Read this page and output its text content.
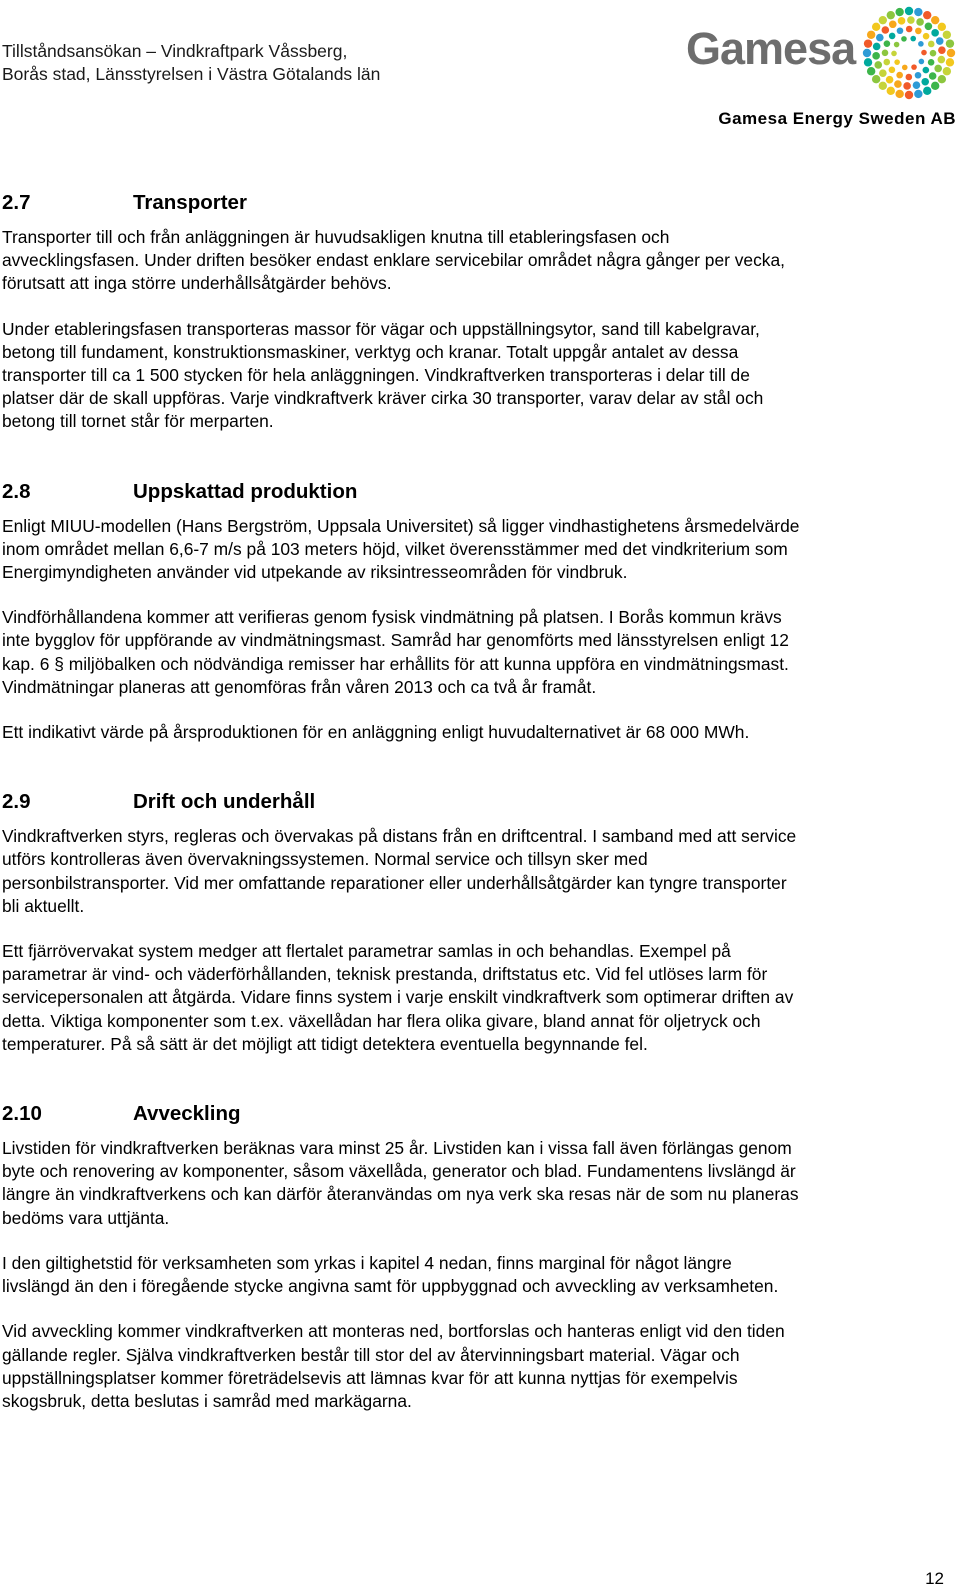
Tillståndsansökan – Vindkraftpark Våssberg,
Borås stad, Länsstyrelsen i Västra Götalands län	Gamesa
Gamesa Energy Sweden AB
2.7	Transporter

Transporter till och från anläggningen är huvudsakligen knutna till etableringsfasen och
avvecklingsfasen. Under driften besöker endast enklare servicebilar området några gånger per vecka,
förutsatt att inga större underhållsåtgärder behövs.

Under etableringsfasen transporteras massor för vägar och uppställningsytor, sand till kabelgravar,
betong till fundament, konstruktionsmaskiner, verktyg och kranar. Totalt uppgår antalet av dessa
transporter till ca 1 500 stycken för hela anläggningen. Vindkraftverken transporteras i delar till de
platser där de skall uppföras. Varje vindkraftverk kräver cirka 30 transporter, varav delar av stål och
betong till tornet står för merparten.

2.8	Uppskattad produktion

Enligt MIUU-modellen (Hans Bergström, Uppsala Universitet) så ligger vindhastighetens årsmedelvärde
inom området mellan 6,6-7 m/s på 103 meters höjd, vilket överensstämmer med det vindkriterium som
Energimyndigheten använder vid utpekande av riksintresseområden för vindbruk.

Vindförhållandena kommer att verifieras genom fysisk vindmätning på platsen. I Borås kommun krävs
inte bygglov för uppförande av vindmätningsmast. Samråd har genomförts med länsstyrelsen enligt 12
kap. 6 § miljöbalken och nödvändiga remisser har erhållits för att kunna uppföra en vindmätningsmast.
Vindmätningar planeras att genomföras från våren 2013 och ca två år framåt.

Ett indikativt värde på årsproduktionen för en anläggning enligt huvudalternativet är 68 000 MWh.

2.9	Drift och underhåll

Vindkraftverken styrs, regleras och övervakas på distans från en driftcentral. I samband med att service
utförs kontrolleras även övervakningssystemen. Normal service och tillsyn sker med
personbilstransporter. Vid mer omfattande reparationer eller underhållsåtgärder kan tyngre transporter
bli aktuellt.

Ett fjärrövervakat system medger att flertalet parametrar samlas in och behandlas. Exempel på
parametrar är vind- och väderförhållanden, teknisk prestanda, driftstatus etc. Vid fel utlöses larm för
servicepersonalen att åtgärda. Vidare finns system i varje enskilt vindkraftverk som optimerar driften av
detta. Viktiga komponenter som t.ex. växellådan har flera olika givare, bland annat för oljetryck och
temperaturer. På så sätt är det möjligt att tidigt detektera eventuella begynnande fel.

2.10	Avveckling

Livstiden för vindkraftverken beräknas vara minst 25 år. Livstiden kan i vissa fall även förlängas genom
byte och renovering av komponenter, såsom växellåda, generator och blad. Fundamentens livslängd är
längre än vindkraftverkens och kan därför återanvändas om nya verk ska resas när de som nu planeras
bedöms vara uttjänta.

I den giltighetstid för verksamheten som yrkas i kapitel 4 nedan, finns marginal för något längre
livslängd än den i föregående stycke angivna samt för uppbyggnad och avveckling av verksamheten.

Vid avveckling kommer vindkraftverken att monteras ned, bortforslas och hanteras enligt vid den tiden
gällande regler. Själva vindkraftverken består till stor del av återvinningsbart material. Vägar och
uppställningsplatser kommer företrädelsevis att lämnas kvar för att kunna nyttjas för exempelvis
skogsbruk, detta beslutas i samråd med markägarna.

12
